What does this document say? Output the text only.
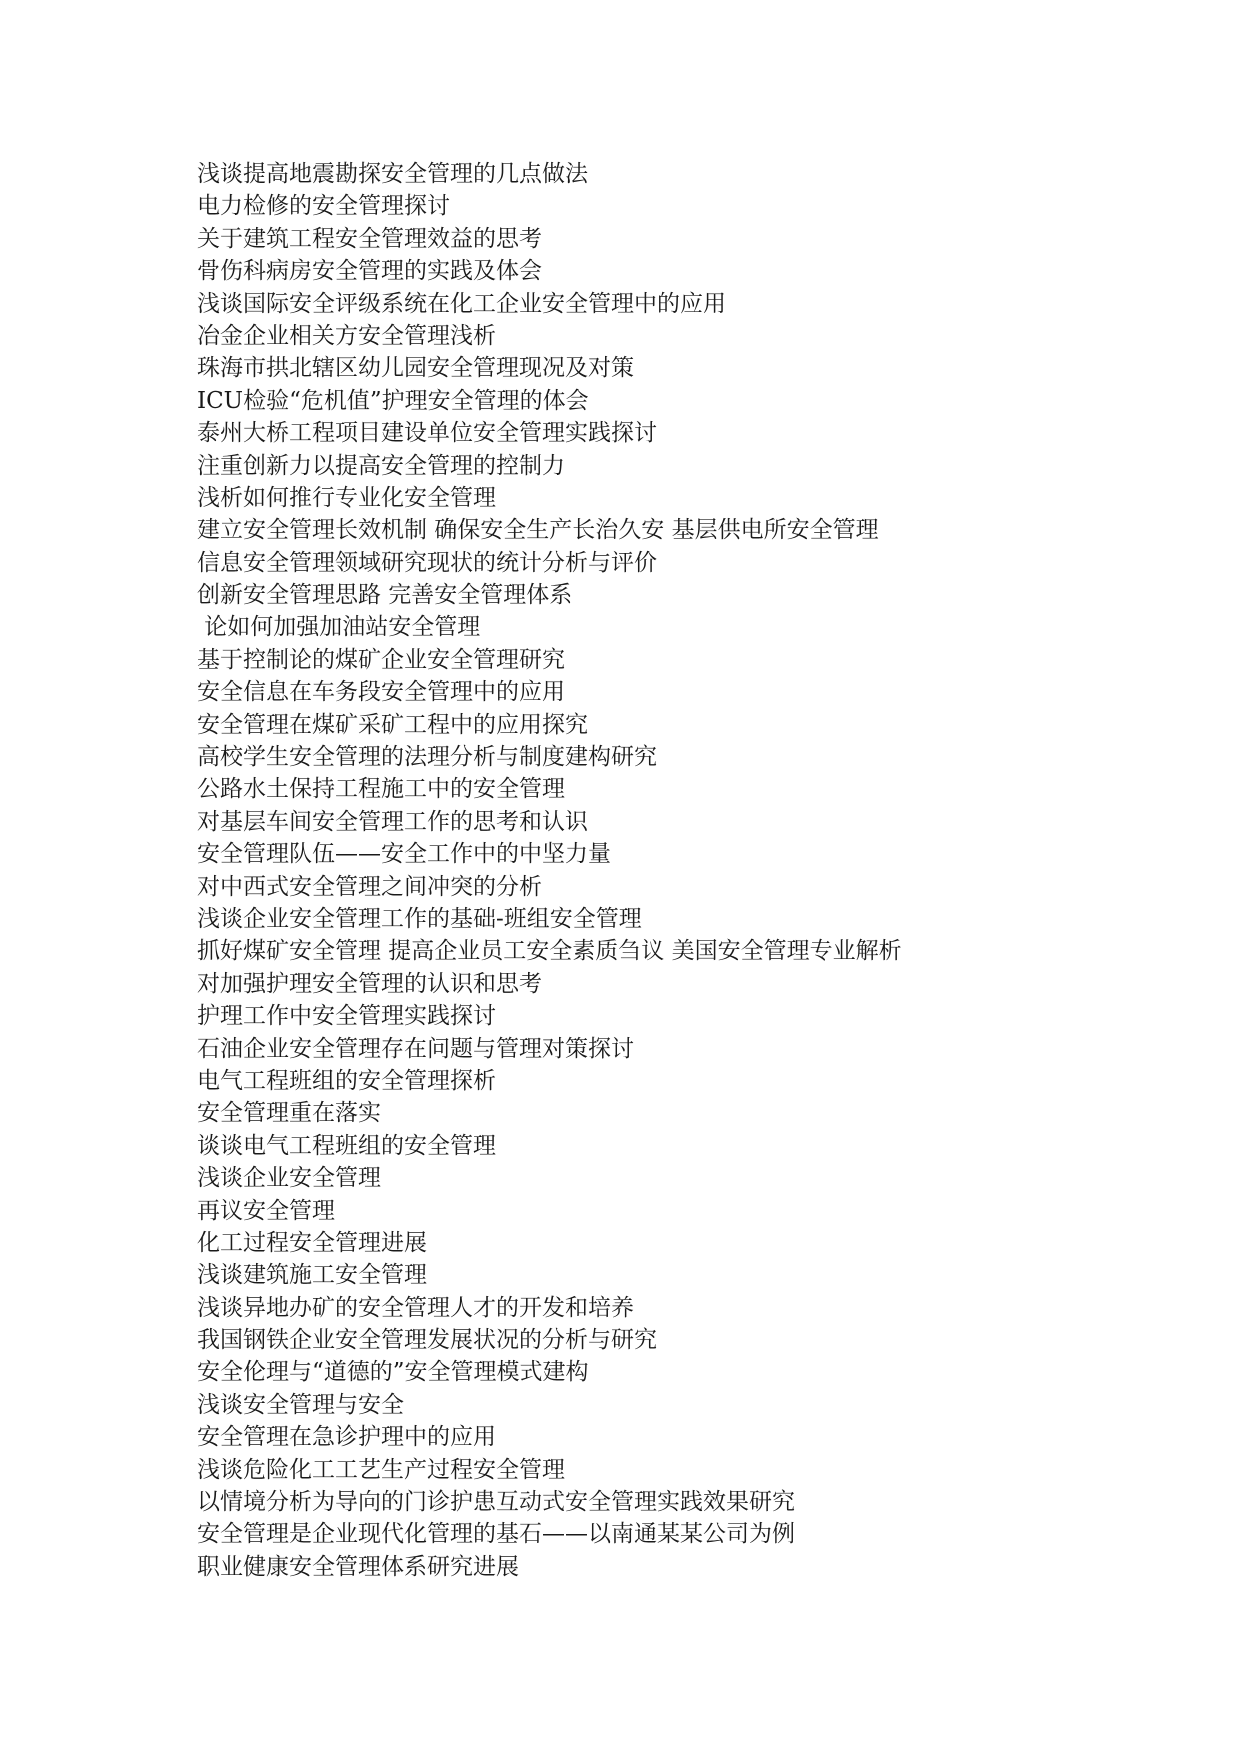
浅谈提高地震勘探安全管理的几点做法
电力检修的安全管理探讨
关于建筑工程安全管理效益的思考
骨伤科病房安全管理的实践及体会
浅谈国际安全评级系统在化工企业安全管理中的应用
冶金企业相关方安全管理浅析
珠海市拱北辖区幼儿园安全管理现况及对策
ICU检验“危机值”护理安全管理的体会
泰州大桥工程项目建设单位安全管理实践探讨
注重创新力以提高安全管理的控制力
浅析如何推行专业化安全管理
建立安全管理长效机制 确保安全生产长治久安 基层供电所安全管理
信息安全管理领域研究现状的统计分析与评价
创新安全管理思路 完善安全管理体系
论如何加强加油站安全管理
基于控制论的煤矿企业安全管理研究
安全信息在车务段安全管理中的应用
安全管理在煤矿采矿工程中的应用探究
高校学生安全管理的法理分析与制度建构研究
公路水土保持工程施工中的安全管理
对基层车间安全管理工作的思考和认识
安全管理队伍——安全工作中的中坚力量
对中西式安全管理之间冲突的分析
浅谈企业安全管理工作的基础-班组安全管理
抓好煤矿安全管理 提高企业员工安全素质刍议 美国安全管理专业解析
对加强护理安全管理的认识和思考
护理工作中安全管理实践探讨
石油企业安全管理存在问题与管理对策探讨
电气工程班组的安全管理探析
安全管理重在落实
谈谈电气工程班组的安全管理
浅谈企业安全管理
再议安全管理
化工过程安全管理进展
浅谈建筑施工安全管理
浅谈异地办矿的安全管理人才的开发和培养
我国钢铁企业安全管理发展状况的分析与研究
安全伦理与“道德的”安全管理模式建构
浅谈安全管理与安全
安全管理在急诊护理中的应用
浅谈危险化工工艺生产过程安全管理
以情境分析为导向的门诊护患互动式安全管理实践效果研究
安全管理是企业现代化管理的基石——以南通某某公司为例
职业健康安全管理体系研究进展
